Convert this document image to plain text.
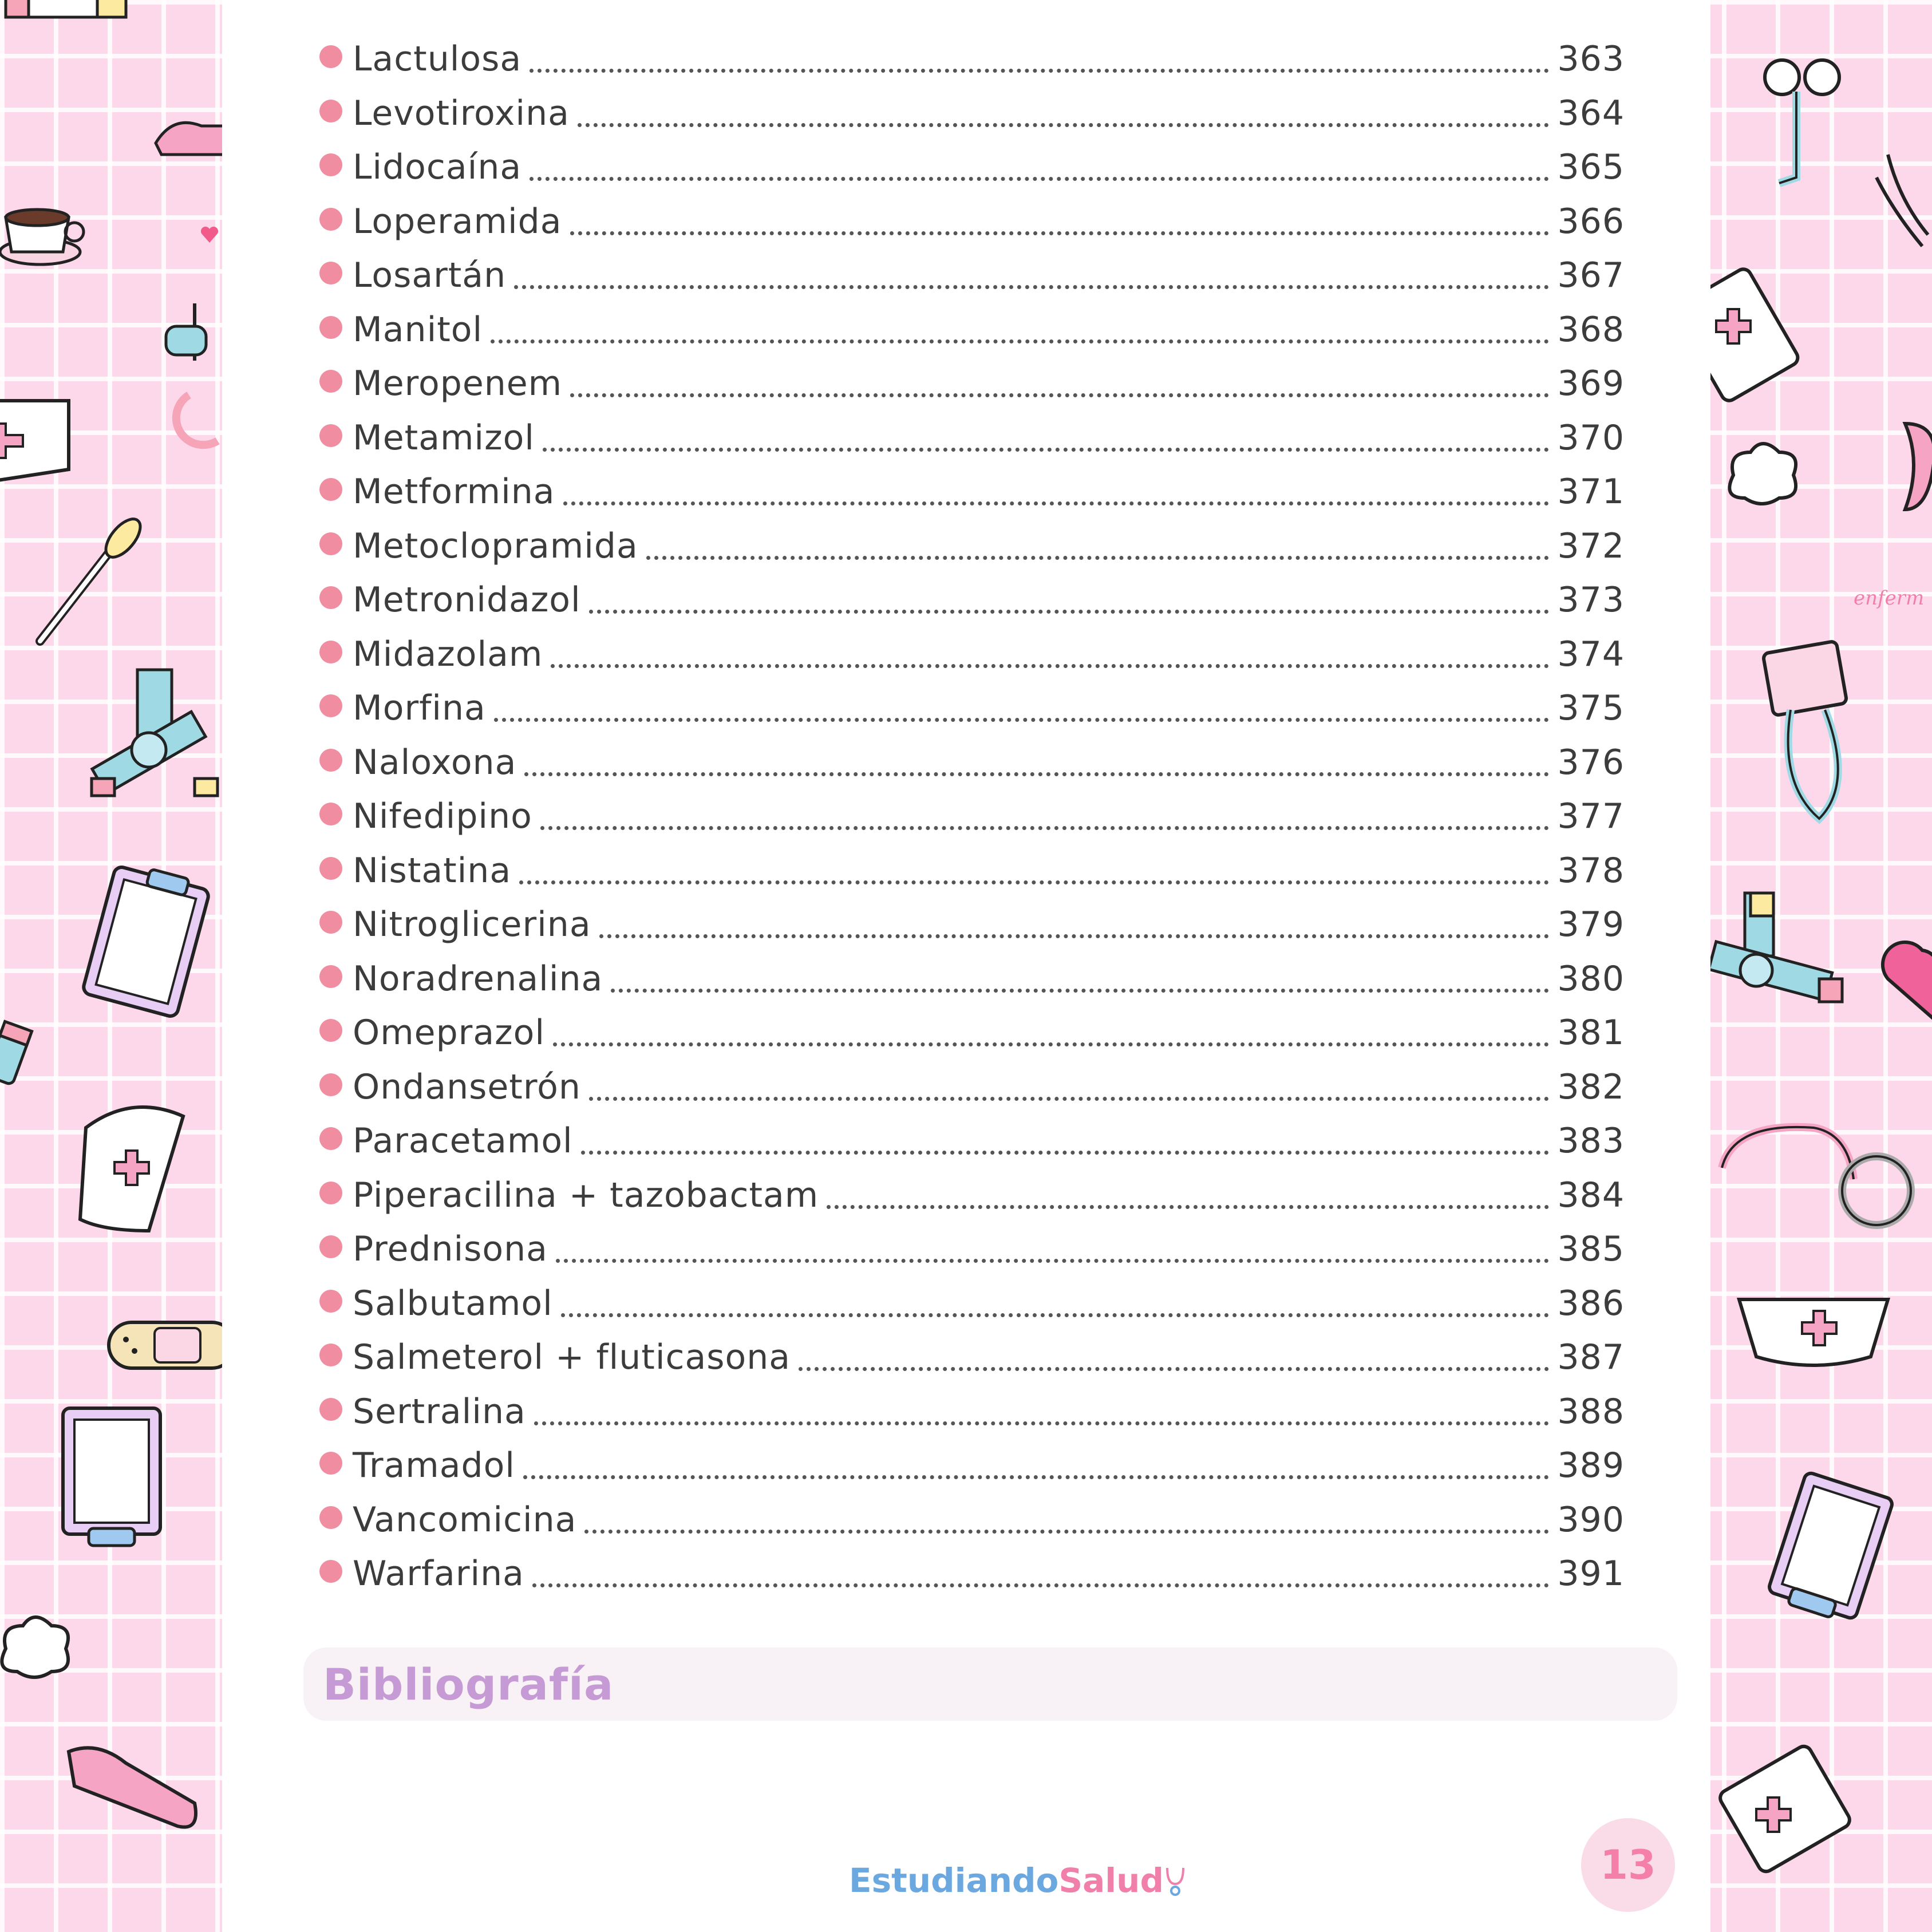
enferm
Lactulosa	363
Levotiroxina	364
Lidocaína	365
Loperamida	366
Losartán	367
Manitol	368
Meropenem	369
Metamizol	370
Metformina	371
Metoclopramida	372
Metronidazol	373
Midazolam	374
Morfina	375
Naloxona	376
Nifedipino	377
Nistatina	378
Nitroglicerina	379
Noradrenalina	380
Omeprazol	381
Ondansetrón	382
Paracetamol	383
Piperacilina + tazobactam	384
Prednisona	385
Salbutamol	386
Salmeterol + fluticasona	387
Sertralina	388
Tramadol	389
Vancomicina	390
Warfarina	391
Bibliografía
Estudiando Salud	13
